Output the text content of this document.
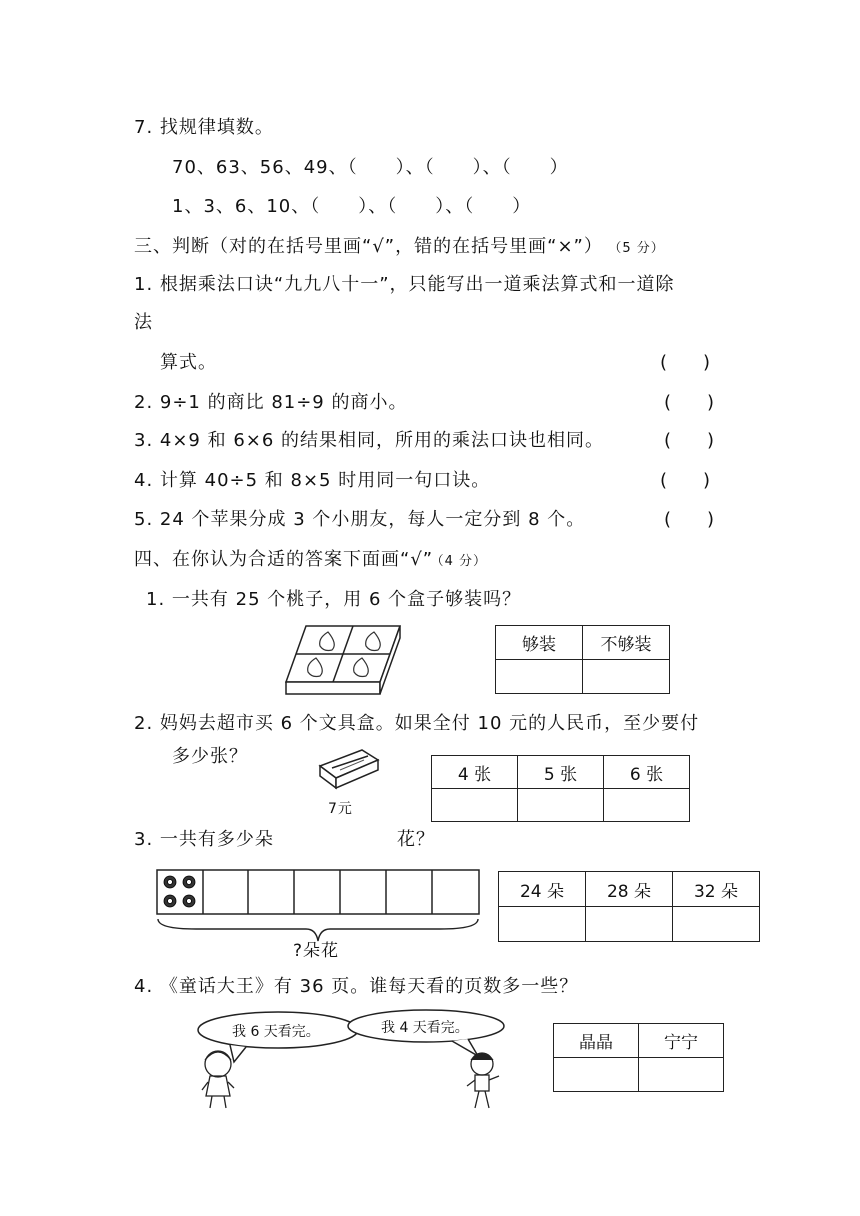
7. 找规律填数。
70、63、56、49、（　　）、（　　）、（　　）
1、3、6、10、（　　）、（　　）、（　　）
三、判断（对的在括号里画“√”，错的在括号里画“×”） （5 分）
1. 根据乘法口诀“九九八十一”，只能写出一道乘法算式和一道除
法
算式。	(　　)
2. 9÷1 的商比 81÷9 的商小。	(　　)
3. 4×9 和 6×6 的结果相同，所用的乘法口诀也相同。	(　　)
4. 计算 40÷5 和 8×5 时用同一句口诀。	(　　)
5. 24 个苹果分成 3 个小朋友，每人一定分到 8 个。	(　　)
四、在你认为合适的答案下面画“√” （4 分）
1. 一共有 25 个桃子，用 6 个盒子够装吗？
够装	不够装

2. 妈妈去超市买 6 个文具盒。如果全付 10 元的人民币，至少要付
多少张？
7元
4 张	5 张	6 张

3. 一共有多少朵	花？
?朵花
24 朵	28 朵	32 朵

4. 《童话大王》有 36 页。谁每天看的页数多一些？
我 6 天看完。	我 4 天看完。
晶晶	宁宁
